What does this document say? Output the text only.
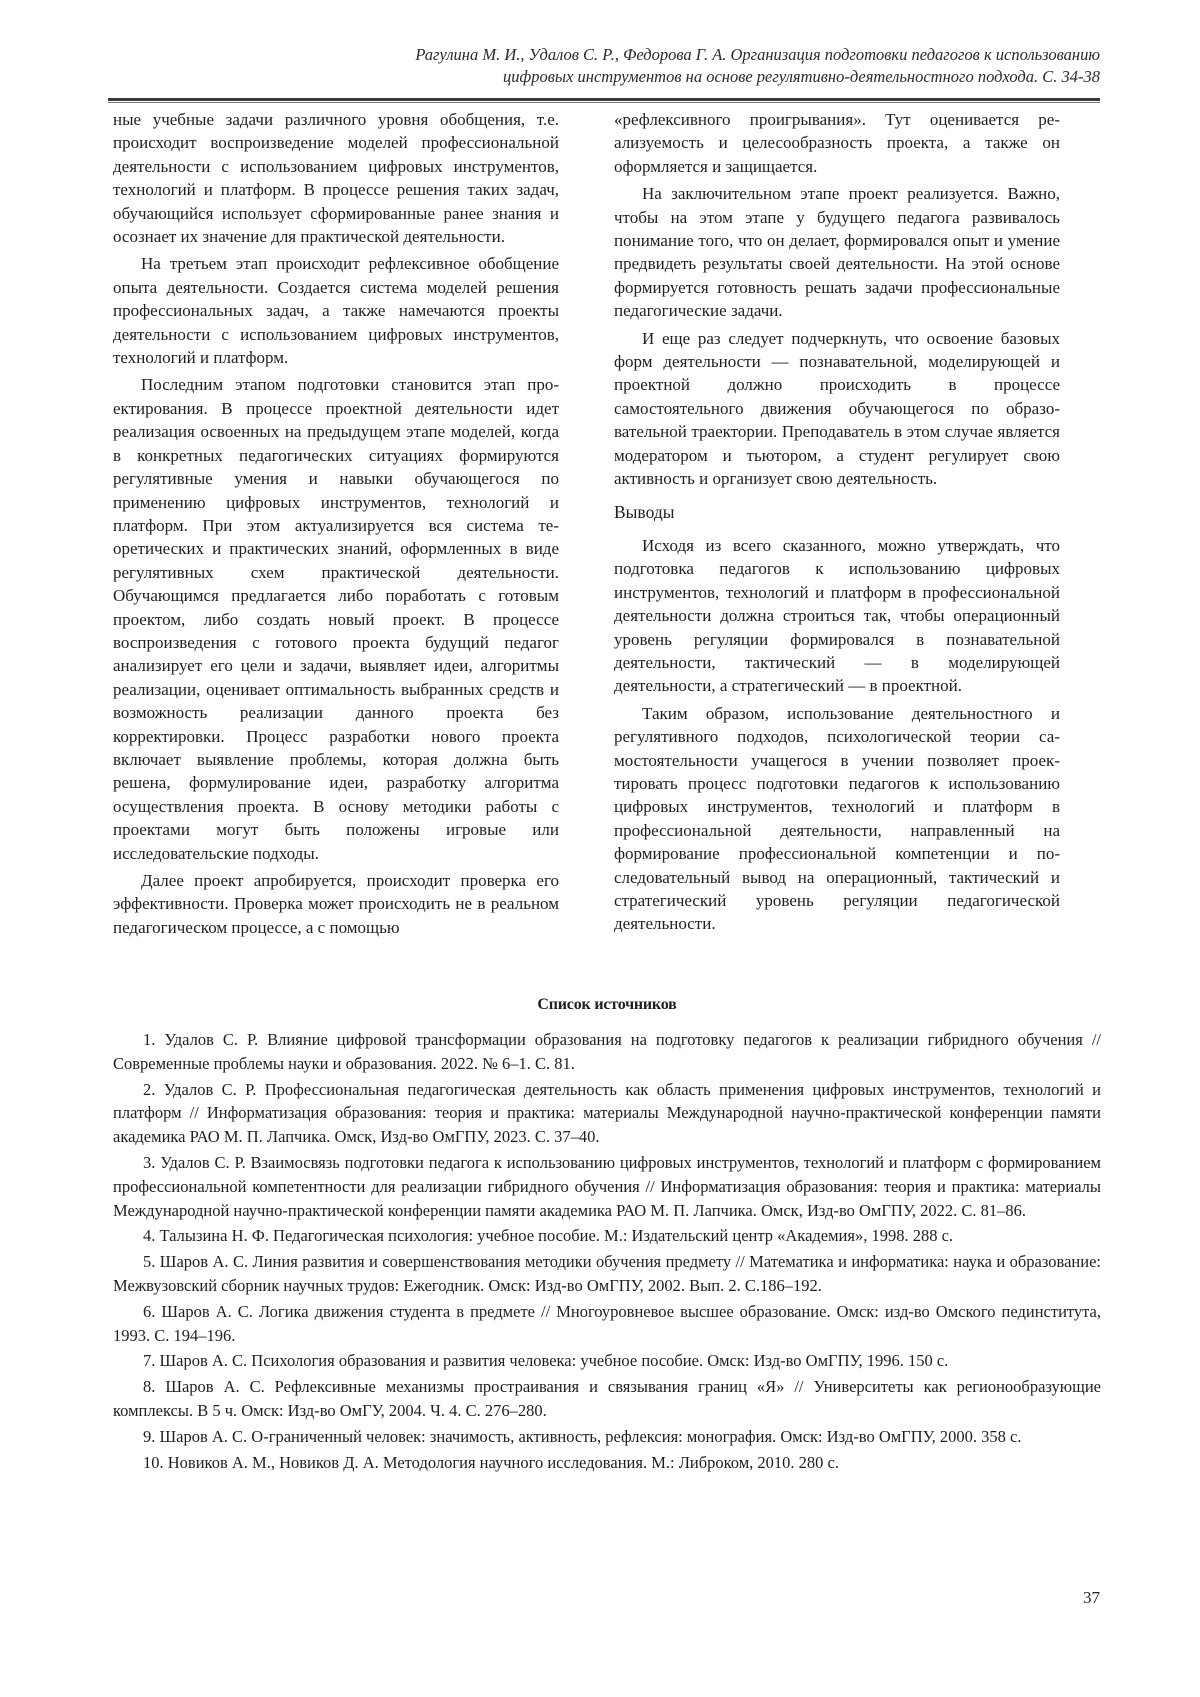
Рагулина М. И., Удалов С. Р., Федорова Г. А. Организация подготовки педагогов к использованию
цифровых инструментов на основе регулятивно-деятельностного подхода. С. 34-38

ные учебные задачи различного уровня обобщения, т.е. происходит воспроизведение моделей профессиональной деятельности с использованием цифровых инструментов, технологий и платформ. В процессе решения таких задач, обучающийся использует сформированные ранее знания и осознает их значение для практической деятельности.

На третьем этап происходит рефлексивное обобщение опыта деятельности. Создается система моделей решения профессиональных задач, а также намечаются проекты деятельности с использованием цифровых инструментов, технологий и платформ.

Последним этапом подготовки становится этап проектирования. В процессе проектной деятельности идет реализация освоенных на предыдущем этапе моделей, когда в конкретных педагогических ситуациях формируются регулятивные умения и навыки обучающегося по применению цифровых инструментов, технологий и платформ. При этом актуализируется вся система теоретических и практических знаний, оформленных в виде регулятивных схем практической деятельности. Обучающимся предлагается либо поработать с готовым проектом, либо создать новый проект. В процессе воспроизведения с готового проекта будущий педагог анализирует его цели и задачи, выявляет идеи, алгоритмы реализации, оценивает оптимальность выбранных средств и возможность реализации данного проекта без корректировки. Процесс разработки нового проекта включает выявление проблемы, которая должна быть решена, формулирование идеи, разработку алгоритма осуществления проекта. В основу методики работы с проектами могут быть положены игровые или исследовательские подходы.

Далее проект апробируется, происходит проверка его эффективности. Проверка может происходить не в реальном педагогическом процессе, а с помощью

«рефлексивного проигрывания». Тут оценивается реализуемость и целесообразность проекта, а также он оформляется и защищается.

На заключительном этапе проект реализуется. Важно, чтобы на этом этапе у будущего педагога развивалось понимание того, что он делает, формировался опыт и умение предвидеть результаты своей деятельности. На этой основе формируется готовность решать задачи профессиональные педагогические задачи.

И еще раз следует подчеркнуть, что освоение базовых форм деятельности — познавательной, моделирующей и проектной должно происходить в процессе самостоятельного движения обучающегося по образовательной траектории. Преподаватель в этом случае является модератором и тьютором, а студент регулирует свою активность и организует свою деятельность.

Выводы

Исходя из всего сказанного, можно утверждать, что подготовка педагогов к использованию цифровых инструментов, технологий и платформ в профессиональной деятельности должна строиться так, чтобы операционный уровень регуляции формировался в познавательной деятельности, тактический — в моделирующей деятельности, а стратегический — в проектной.

Таким образом, использование деятельностного и регулятивного подходов, психологической теории самостоятельности учащегося в учении позволяет проектировать процесс подготовки педагогов к использованию цифровых инструментов, технологий и платформ в профессиональной деятельности, направленный на формирование профессиональной компетенции и последовательный вывод на операционный, тактический и стратегический уровень регуляции педагогической деятельности.

Список источников
1. Удалов С. Р. Влияние цифровой трансформации образования на подготовку педагогов к реализации гибридного обучения // Современные проблемы науки и образования. 2022. № 6–1. С. 81.
2. Удалов С. Р. Профессиональная педагогическая деятельность как область применения цифровых инструментов, технологий и платформ // Информатизация образования: теория и практика: материалы Международной научно-практической конференции памяти академика РАО М. П. Лапчика. Омск, Изд-во ОмГПУ, 2023. С. 37–40.
3. Удалов С. Р. Взаимосвязь подготовки педагога к использованию цифровых инструментов, технологий и платформ с формированием профессиональной компетентности для реализации гибридного обучения // Информатизация образования: теория и практика: материалы Международной научно-практической конференции памяти академика РАО М. П. Лапчика. Омск, Изд-во ОмГПУ, 2022. С. 81–86.
4. Талызина Н. Ф. Педагогическая психология: учебное пособие. М.: Издательский центр «Академия», 1998. 288 с.
5. Шаров А. С. Линия развития и совершенствования методики обучения предмету // Математика и информатика: наука и образование: Межвузовский сборник научных трудов: Ежегодник. Омск: Изд-во ОмГПУ, 2002. Вып. 2. С.186–192.
6. Шаров А. С. Логика движения студента в предмете // Многоуровневое высшее образование. Омск: изд-во Омского пединститута, 1993. С. 194–196.
7. Шаров А. С. Психология образования и развития человека: учебное пособие. Омск: Изд-во ОмГПУ, 1996. 150 с.
8. Шаров А. С. Рефлексивные механизмы простраивания и связывания границ «Я» // Университеты как регионообразующие комплексы. В 5 ч. Омск: Изд-во ОмГУ, 2004. Ч. 4. С. 276–280.
9. Шаров А. С. О-граниченный человек: значимость, активность, рефлексия: монография. Омск: Изд-во ОмГПУ, 2000. 358 с.
10. Новиков А. М., Новиков Д. А. Методология научного исследования. М.: Либроком, 2010. 280 с.
37
